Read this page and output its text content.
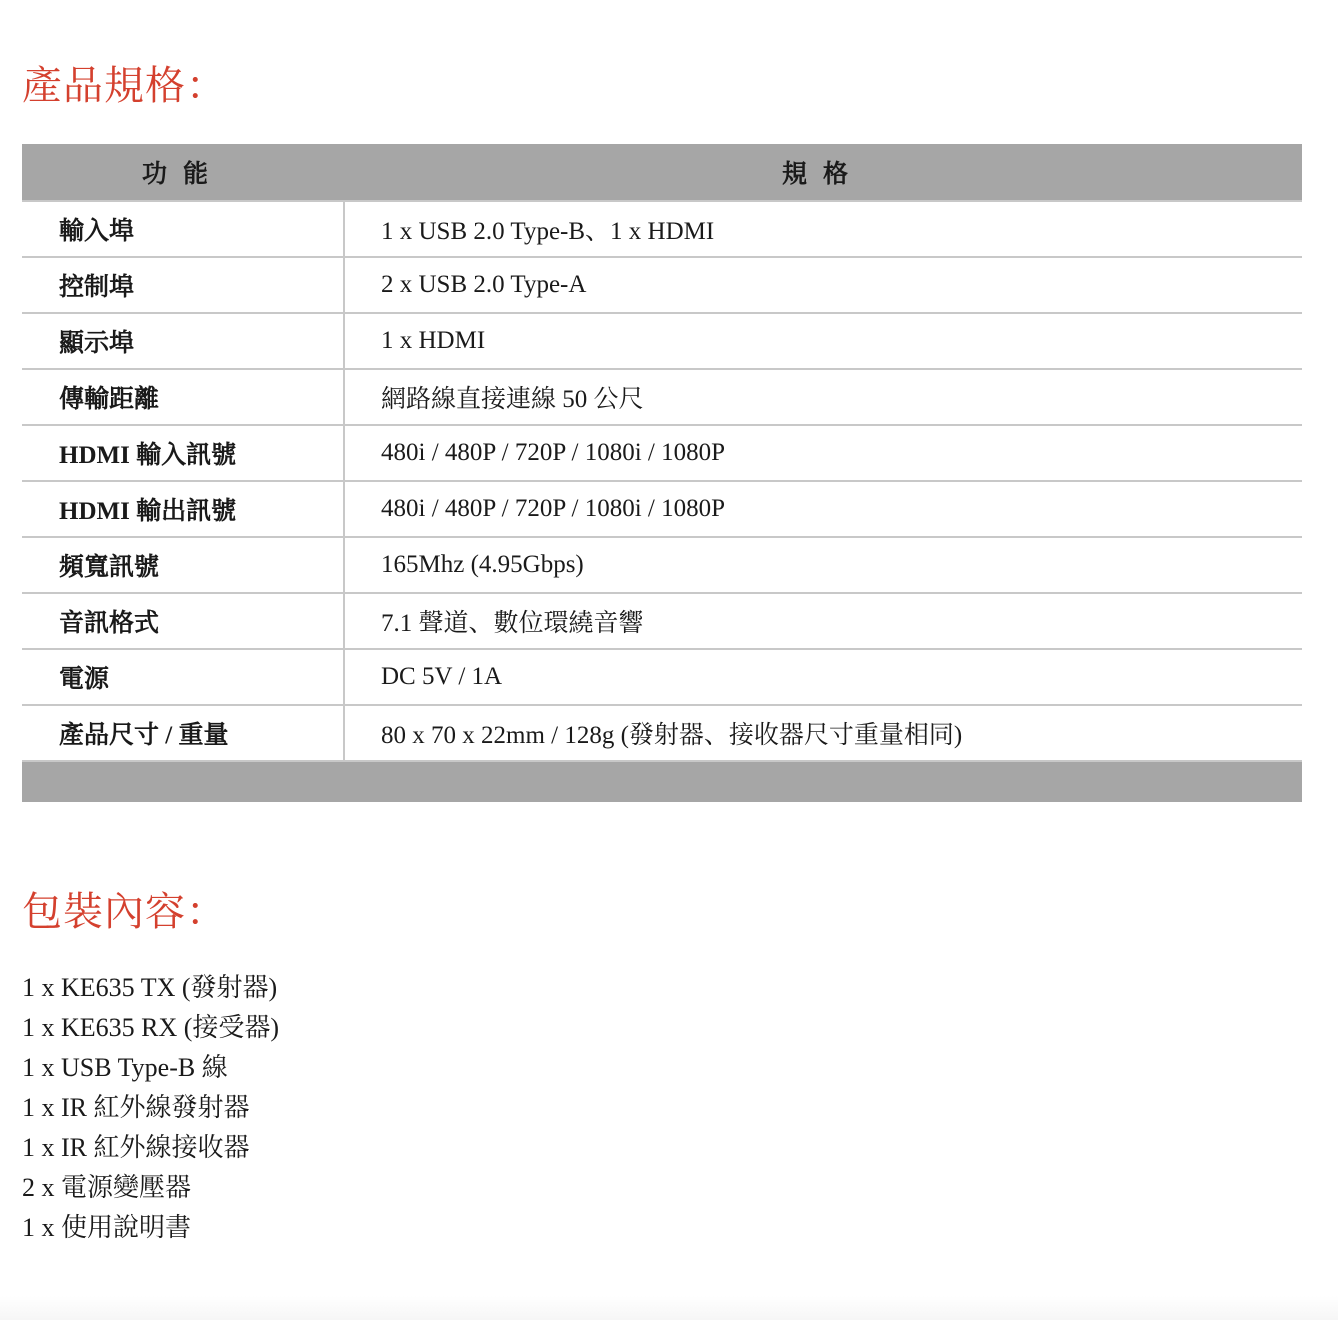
產品規格：
功能	規格
輸入埠	1 x USB 2.0 Type-B、1 x HDMI
控制埠	2 x USB 2.0 Type-A
顯示埠	1 x HDMI
傳輸距離	網路線直接連線 50 公尺
HDMI 輸入訊號	480i / 480P / 720P / 1080i / 1080P
HDMI 輸出訊號	480i / 480P / 720P / 1080i / 1080P
頻寬訊號	165Mhz (4.95Gbps)
音訊格式	7.1 聲道、數位環繞音響
電源	DC 5V / 1A
產品尺寸 / 重量	80 x 70 x 22mm / 128g (發射器、接收器尺寸重量相同)

包裝內容：
1 x KE635 TX (發射器)
1 x KE635 RX (接受器)
1 x USB Type-B 線
1 x IR 紅外線發射器
1 x IR 紅外線接收器
2 x 電源變壓器
1 x 使用說明書
